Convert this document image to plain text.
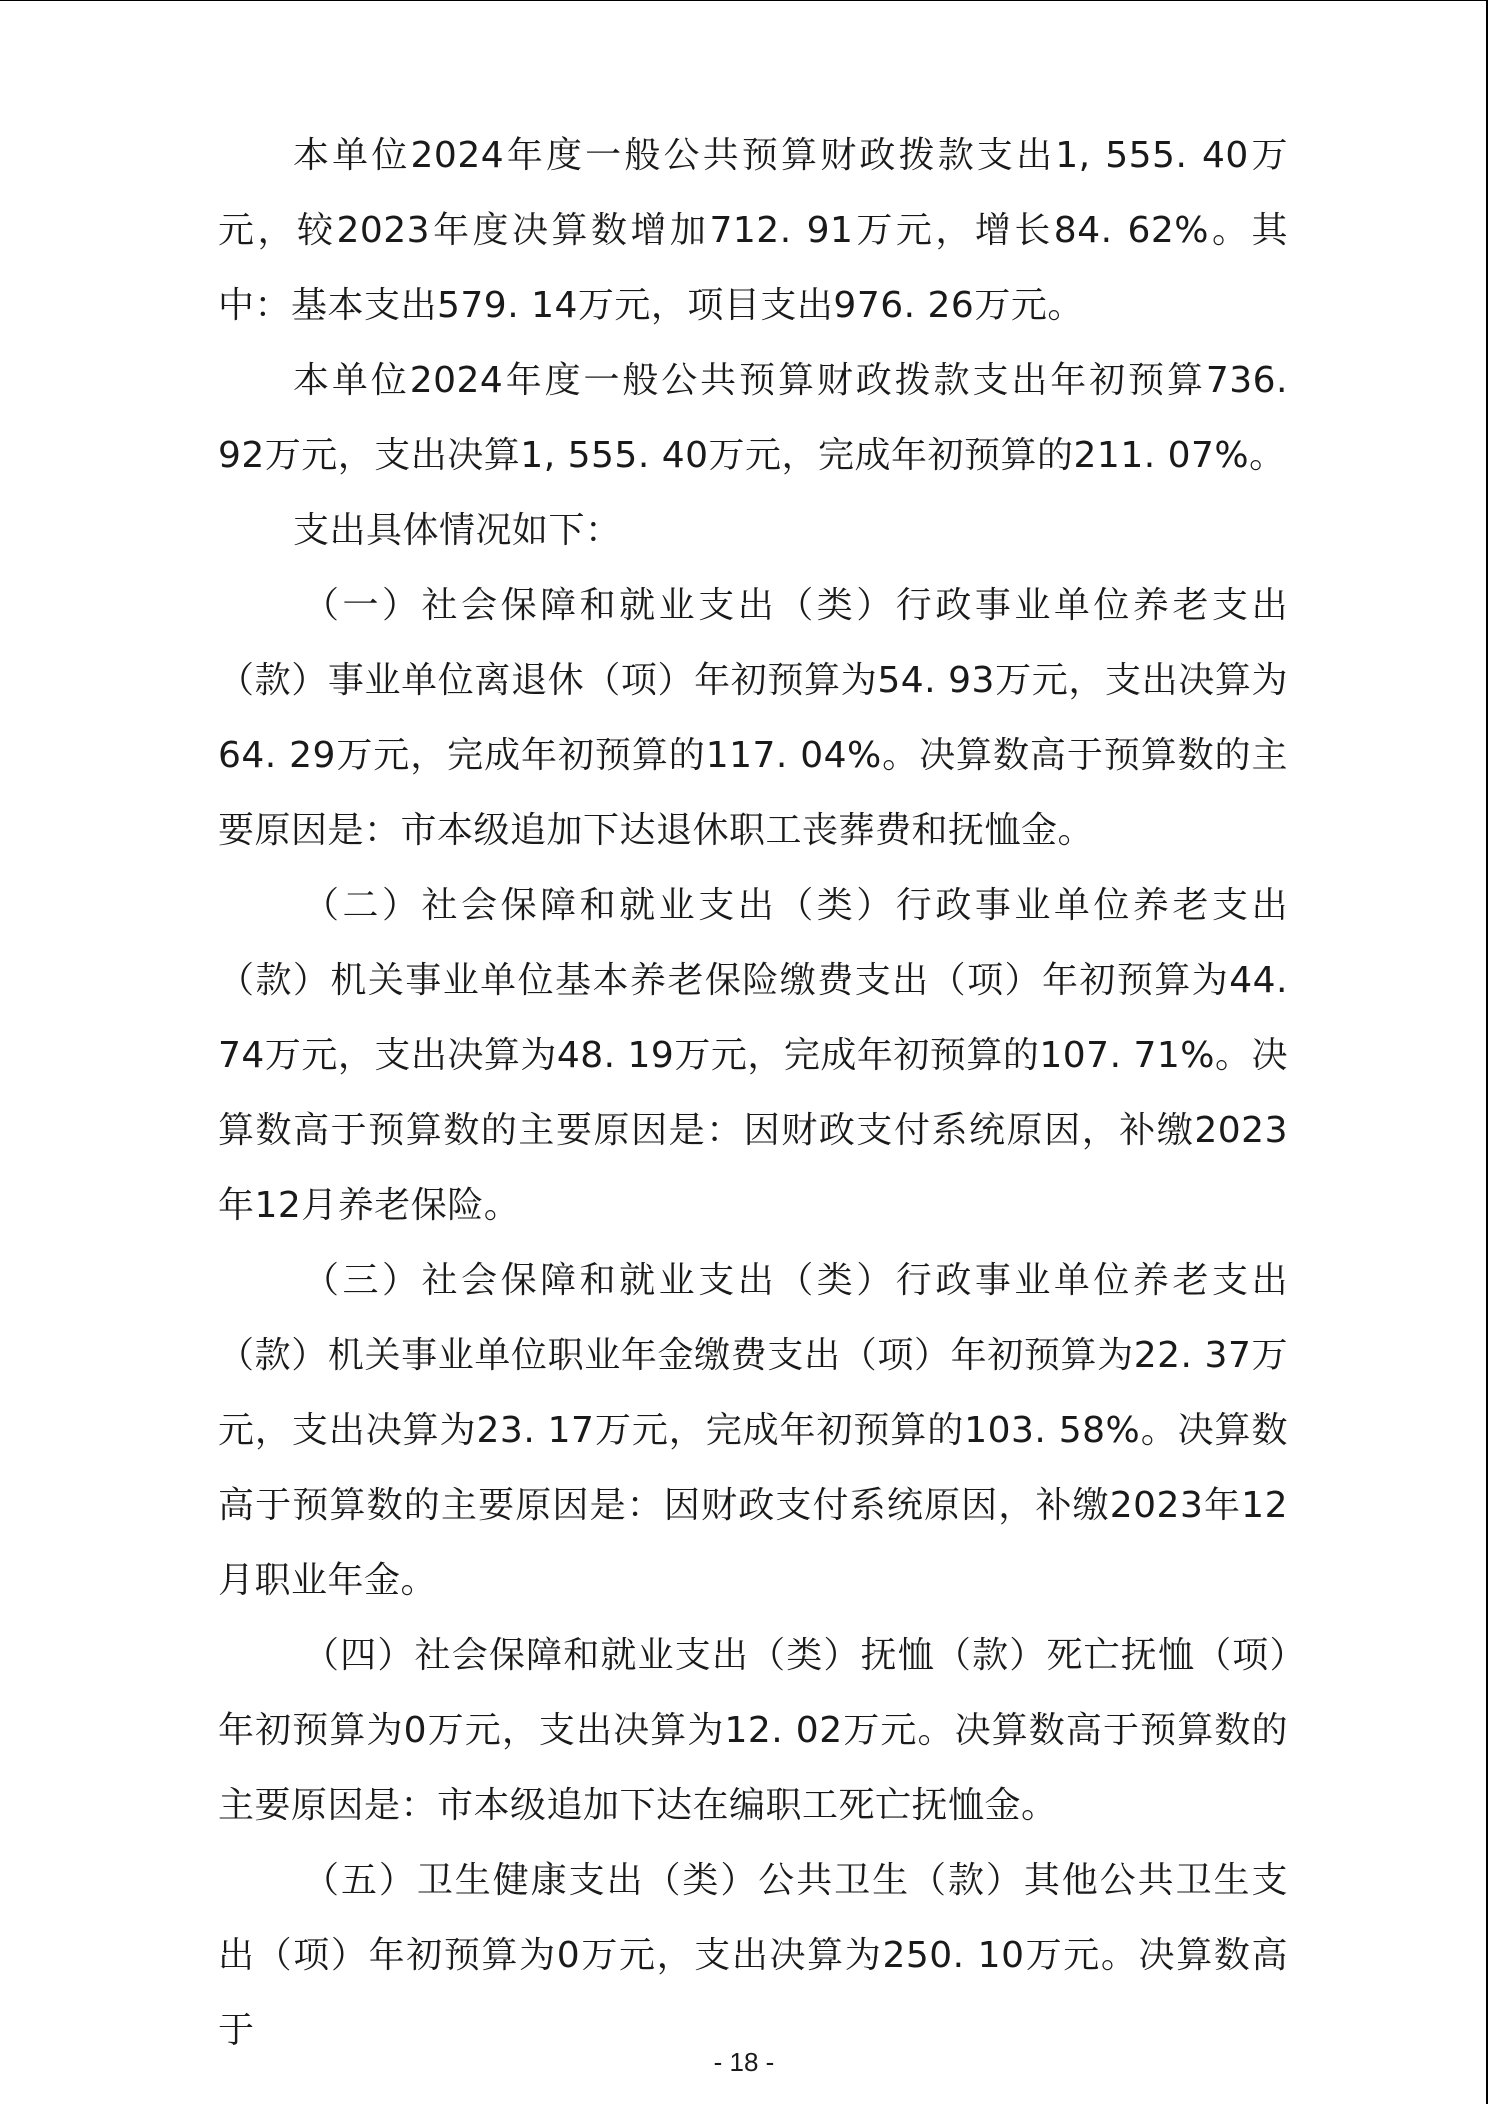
本单位2024年度一般公共预算财政拨款支出1, 555. 40万元，较2023年度决算数增加712. 91万元，增长84. 62%。其中：基本支出579. 14万元，项目支出976. 26万元。

本单位2024年度一般公共预算财政拨款支出年初预算736. 92万元，支出决算1, 555. 40万元，完成年初预算的211. 07%。

支出具体情况如下：

（一）社会保障和就业支出（类）行政事业单位养老支出（款）事业单位离退休（项）年初预算为54. 93万元，支出决算为64. 29万元，完成年初预算的117. 04%。决算数高于预算数的主要原因是：市本级追加下达退休职工丧葬费和抚恤金。

（二）社会保障和就业支出（类）行政事业单位养老支出（款）机关事业单位基本养老保险缴费支出（项）年初预算为44. 74万元，支出决算为48. 19万元，完成年初预算的107. 71%。决算数高于预算数的主要原因是：因财政支付系统原因，补缴2023年12月养老保险。

（三）社会保障和就业支出（类）行政事业单位养老支出（款）机关事业单位职业年金缴费支出（项）年初预算为22. 37万元，支出决算为23. 17万元，完成年初预算的103. 58%。决算数高于预算数的主要原因是：因财政支付系统原因，补缴2023年12月职业年金。

（四）社会保障和就业支出（类）抚恤（款）死亡抚恤（项）年初预算为0万元，支出决算为12. 02万元。决算数高于预算数的主要原因是：市本级追加下达在编职工死亡抚恤金。

（五）卫生健康支出（类）公共卫生（款）其他公共卫生支出（项）年初预算为0万元，支出决算为250. 10万元。决算数高于

- 18 -
